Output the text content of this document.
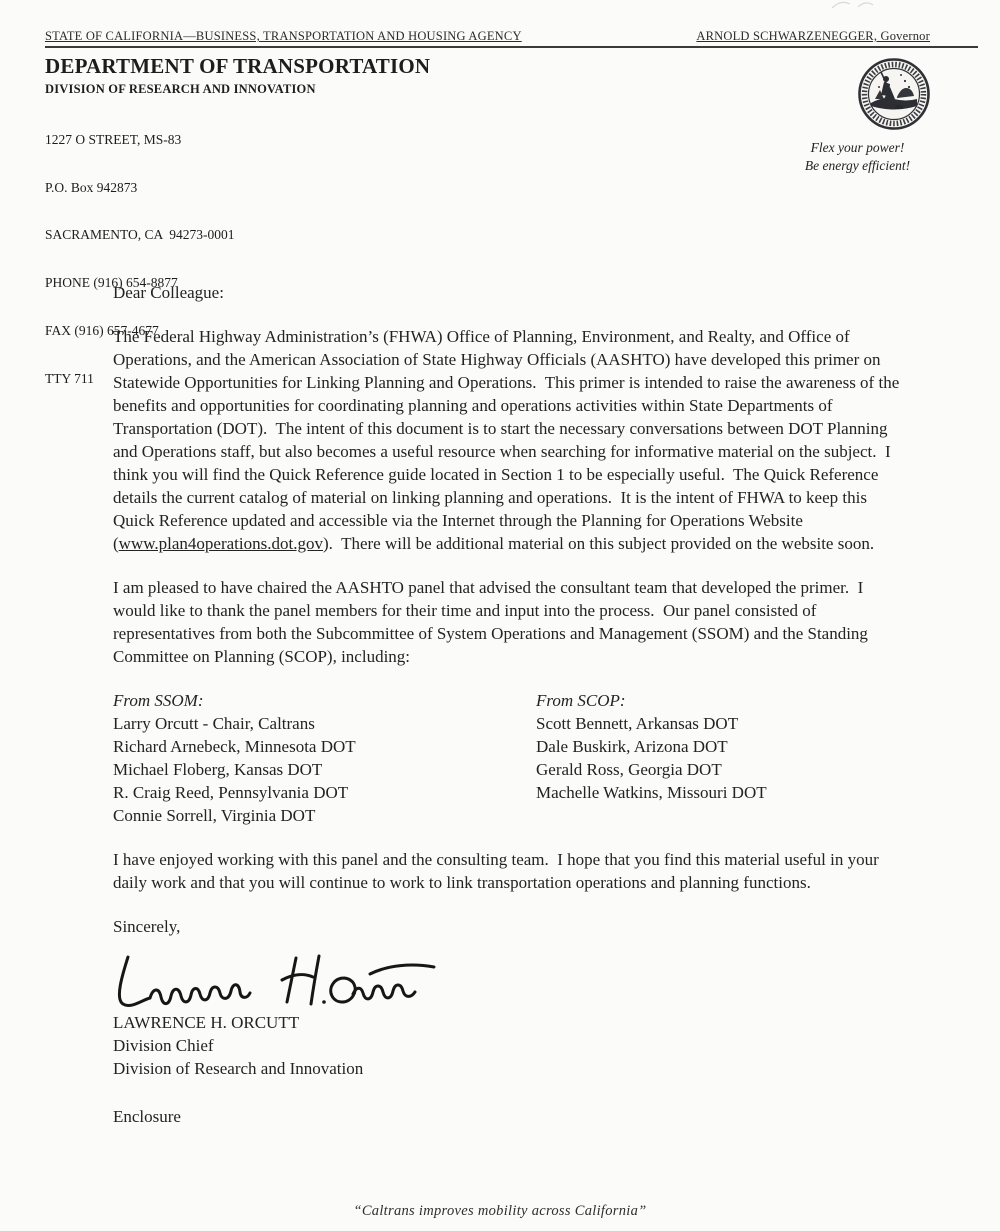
STATE OF CALIFORNIA—BUSINESS, TRANSPORTATION AND HOUSING AGENCY	ARNOLD SCHWARZENEGGER, Governor
DEPARTMENT OF TRANSPORTATION
DIVISION OF RESEARCH AND INNOVATION

1227 O STREET, MS-83

P.O. Box 942873

SACRAMENTO, CA  94273-0001

PHONE (916) 654-8877

FAX (916) 657-4677

TTY 711

Flex your power!
Be energy efficient!

Dear Colleague:

The Federal Highway Administration’s (FHWA) Office of Planning, Environment, and Realty, and Office of Operations, and the American Association of State Highway Officials (AASHTO) have developed this primer on Statewide Opportunities for Linking Planning and Operations.  This primer is intended to raise the awareness of the benefits and opportunities for coordinating planning and operations activities within State Departments of Transportation (DOT).  The intent of this document is to start the necessary conversations between DOT Planning and Operations staff, but also becomes a useful resource when searching for informative material on the subject.  I think you will find the Quick Reference guide located in Section 1 to be especially useful.  The Quick Reference details the current catalog of material on linking planning and operations.  It is the intent of FHWA to keep this Quick Reference updated and accessible via the Internet through the Planning for Operations Website (www.plan4operations.dot.gov).  There will be additional material on this subject provided on the website soon.

I am pleased to have chaired the AASHTO panel that advised the consultant team that developed the primer.  I would like to thank the panel members for their time and input into the process.  Our panel consisted of representatives from both the Subcommittee of System Operations and Management (SSOM) and the Standing Committee on Planning (SCOP), including:

From SSOM:
Larry Orcutt - Chair, Caltrans
Richard Arnebeck, Minnesota DOT
Michael Floberg, Kansas DOT
R. Craig Reed, Pennsylvania DOT
Connie Sorrell, Virginia DOT
From SCOP:
Scott Bennett, Arkansas DOT
Dale Buskirk, Arizona DOT
Gerald Ross, Georgia DOT
Machelle Watkins, Missouri DOT

I have enjoyed working with this panel and the consulting team.  I hope that you find this material useful in your daily work and that you will continue to work to link transportation operations and planning functions.

Sincerely,
LAWRENCE H. ORCUTT
Division Chief
Division of Research and Innovation
Enclosure
“Caltrans improves mobility across California”
